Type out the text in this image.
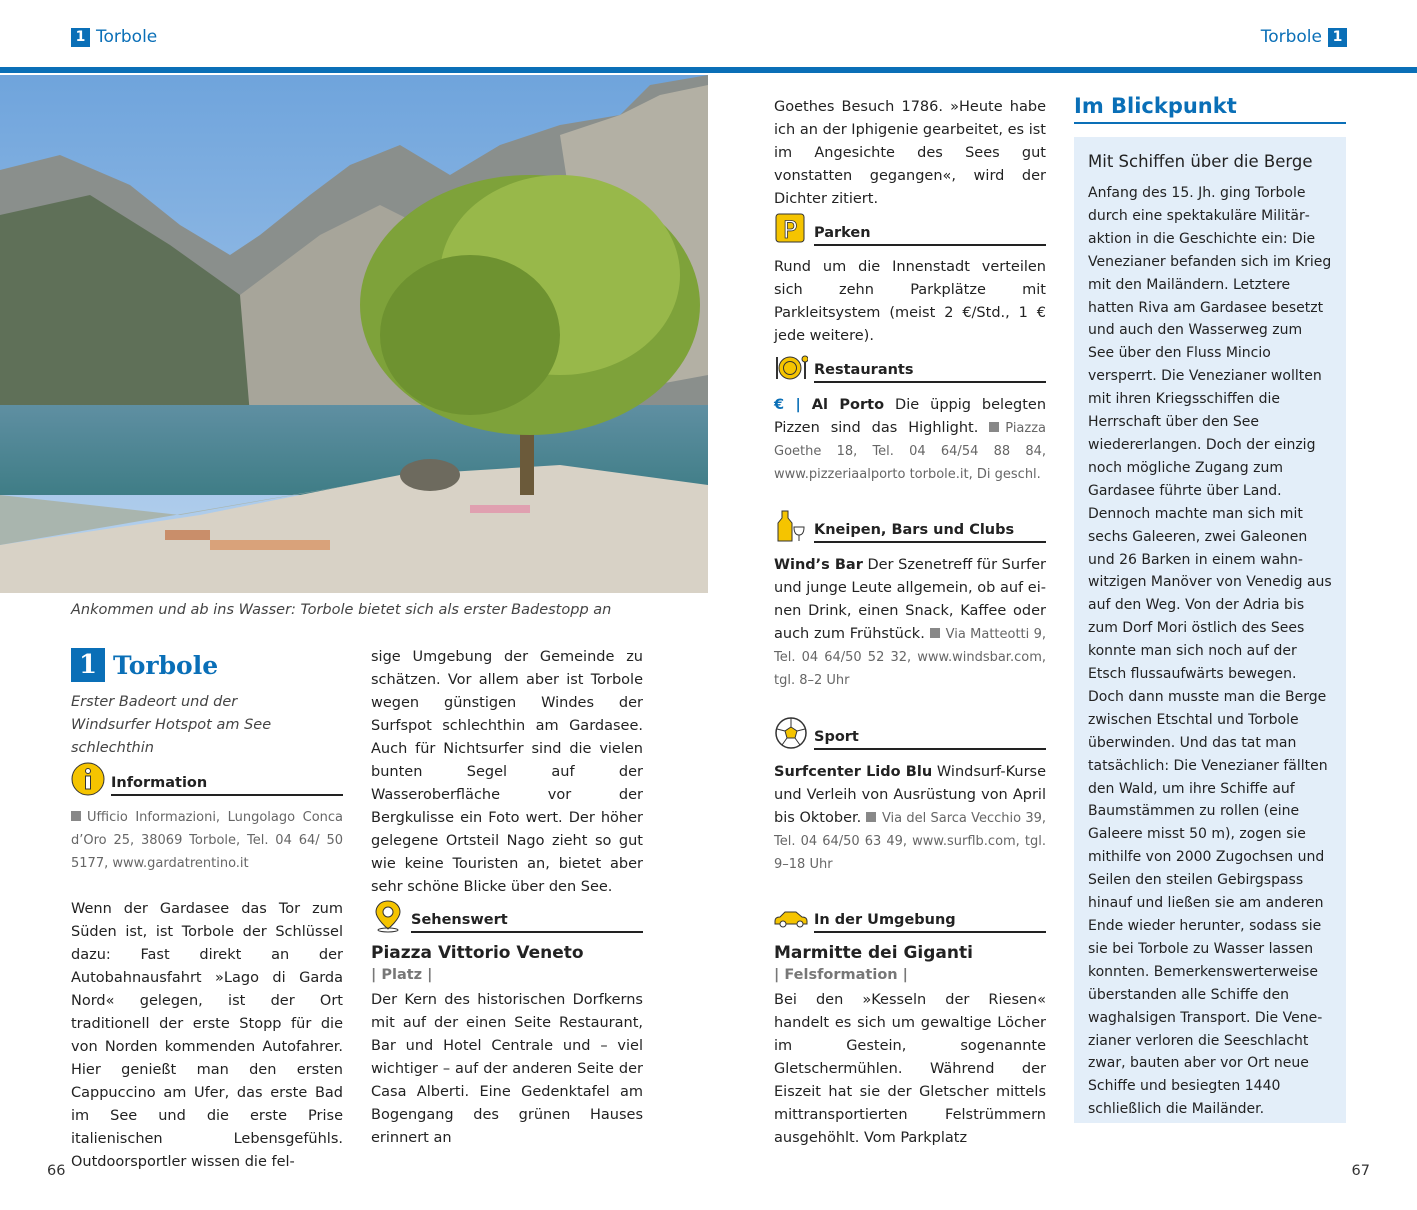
1 Torbole	Torbole 1
Ankommen und ab ins Wasser: Torbole bietet sich als erster Badestopp an
1 Torbole
Erster Badeort und der Windsurfer Hotspot am See schlechthin
Information
Ufficio Informazioni, Lungolago Conca d’Oro 25, 38069 Torbole, Tel. 04 64/ 50 5177, www.gardatrentino.it
Wenn der Gardasee das Tor zum Süden ist, ist Torbole der Schlüssel dazu: Fast direkt an der Autobahnausfahrt »Lago di Garda Nord« gelegen, ist der Ort traditionell der erste Stopp für die von Norden kommenden Autofahrer. Hier genießt man den ersten Cappuccino am Ufer, das erste Bad im See und die erste Prise italienischen Lebensgefühls. Outdoorsportler wissen die fel-
sige Umgebung der Gemeinde zu schätzen. Vor allem aber ist Torbole wegen günstigen Windes der Surfspot schlechthin am Gardasee. Auch für Nichtsurfer sind die vielen bunten Segel auf der Wasseroberfläche vor der Bergkulisse ein Foto wert. Der höher gelegene Ortsteil Nago zieht so gut wie keine Touristen an, bietet aber sehr schöne Blicke über den See.
Sehenswert
Piazza Vittorio Veneto
| Platz |
Der Kern des historischen Dorfkerns mit auf der einen Seite Restaurant, Bar und Hotel Centrale und – viel wichtiger – auf der anderen Seite der Casa Alberti. Eine Gedenktafel am Bogengang des grünen Hauses erinnert an
Goethes Besuch 1786. »Heute habe ich an der Iphigenie gearbeitet, es ist im Angesichte des Sees gut vonstatten gegangen«, wird der Dichter zitiert.
P Parken
Rund um die Innenstadt verteilen sich zehn Parkplätze mit Parkleitsystem (meist 2 €/Std., 1 € jede weitere).
Restaurants
€ | Al Porto Die üppig belegten Pizzen sind das Highlight. Piazza Goethe 18, Tel. 04 64/54 88 84, www.pizzeriaalporto torbole.it, Di geschl.
Kneipen, Bars und Clubs
Wind’s Bar Der Szenetreff für Surfer und junge Leute allgemein, ob auf einen Drink, einen Snack, Kaffee oder auch zum Frühstück. Via Matteotti 9, Tel. 04 64/50 52 32, www.windsbar.com, tgl. 8–2 Uhr
Sport
Surfcenter Lido Blu Windsurf-Kurse und Verleih von Ausrüstung von April bis Oktober. Via del Sarca Vecchio 39, Tel. 04 64/50 63 49, www.surflb.com, tgl. 9–18 Uhr
In der Umgebung
Marmitte dei Giganti
| Felsformation |
Bei den »Kesseln der Riesen« handelt es sich um gewaltige Löcher im Gestein, sogenannte Gletschermühlen. Während der Eiszeit hat sie der Gletscher mittels mittransportierten Felstrümmern ausgehöhlt. Vom Parkplatz
Im Blickpunkt
Mit Schiffen über die Berge
Anfang des 15. Jh. ging Torbole durch eine spektakuläre Militäraktion in die Geschichte ein: Die Venezianer befanden sich im Krieg mit den Mailändern. Letztere hatten Riva am Gardasee besetzt und auch den Wasserweg zum See über den Fluss Mincio versperrt. Die Venezianer wollten mit ihren Kriegsschiffen die Herrschaft über den See wiedererlangen. Doch der einzig noch mögliche Zugang zum Gardasee führte über Land. Dennoch machte man sich mit sechs Galeeren, zwei Galeonen und 26 Barken in einem wahnwitzigen Manöver von Venedig aus auf den Weg. Von der Adria bis zum Dorf Mori östlich des Sees konnte man sich noch auf der Etsch flussaufwärts bewegen. Doch dann musste man die Berge zwischen Etschtal und Torbole überwinden. Und das tat man tatsächlich: Die Venezianer fällten den Wald, um ihre Schiffe auf Baumstämmen zu rollen (eine Galeere misst 50 m), zogen sie mithilfe von 2000 Zugochsen und Seilen den steilen Gebirgspass hinauf und ließen sie am anderen Ende wieder herunter, sodass sie sie bei Torbole zu Wasser lassen konnten. Bemerkenswerterweise überstanden alle Schiffe den waghalsigen Transport. Die Venezianer verloren die Seeschlacht zwar, bauten aber vor Ort neue Schiffe und besiegten 1440 schließlich die Mailänder.
66	67
